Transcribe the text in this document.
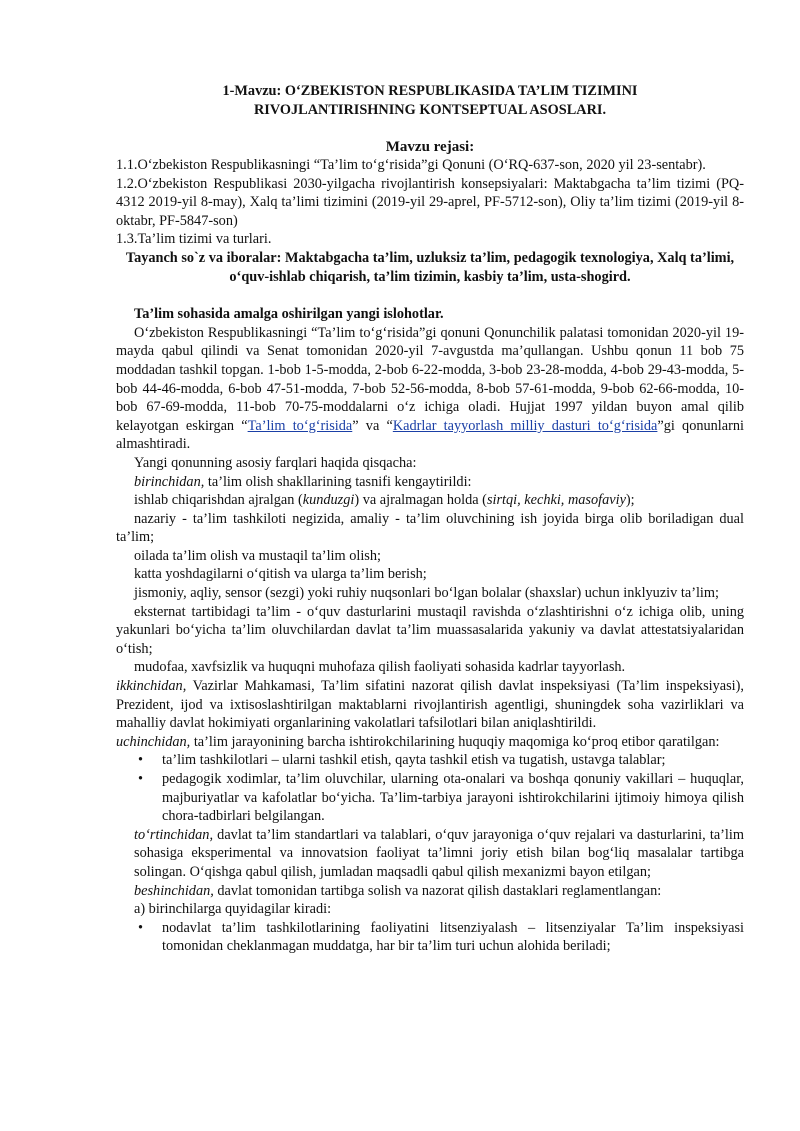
1-Mavzu: O‘ZBEKISTON RESPUBLIKASIDA TA’LIM TIZIMINI
RIVOJLANTIRISHNING KONTSEPTUAL ASOSLARI.
Mavzu rejasi:

1.1.O‘zbekiston Respublikasningi “Ta’lim to‘g‘risida”gi Qonuni (O‘RQ-637-son, 2020 yil 23-sentabr).

1.2.O‘zbekiston Respublikasi 2030-yilgacha rivojlantirish konsepsiyalari: Maktabgacha ta’lim tizimi (PQ-4312 2019-yil 8-may), Xalq ta’limi tizimini (2019-yil 29-aprel, PF-5712-son), Oliy ta’lim tizimi (2019-yil 8-oktabr, PF-5847-son)

1.3.Ta’lim tizimi va turlari.

Tayanch so`z va iboralar: Maktabgacha ta’lim, uzluksiz ta’lim, pedagogik texnologiya, Xalq ta’limi, o‘quv-ishlab chiqarish, ta’lim tizimin, kasbiy ta’lim, usta-shogird.

Ta’lim sohasida amalga oshirilgan yangi islohotlar.

O‘zbekiston Respublikasningi “Ta’lim to‘g‘risida”gi qonuni Qonunchilik palatasi tomonidan 2020-yil 19-mayda qabul qilindi va Senat tomonidan 2020-yil 7-avgustda ma’qullangan. Ushbu qonun 11 bob 75 moddadan tashkil topgan. 1-bob 1-5-modda, 2-bob 6-22-modda, 3-bob 23-28-modda, 4-bob 29-43-modda, 5-bob 44-46-modda, 6-bob 47-51-modda, 7-bob 52-56-modda, 8-bob 57-61-modda, 9-bob 62-66-modda, 10-bob 67-69-modda, 11-bob 70-75-moddalarni o‘z ichiga oladi. Hujjat 1997 yildan buyon amal qilib kelayotgan eskirgan “Ta’lim to‘g‘risida” va “Kadrlar tayyorlash milliy dasturi to‘g‘risida”gi qonunlarni almashtiradi.

Yangi qonunning asosiy farqlari haqida qisqacha:

birinchidan, ta’lim olish shakllarining tasnifi kengaytirildi:

ishlab chiqarishdan ajralgan (kunduzgi) va ajralmagan holda (sirtqi, kechki, masofaviy);

nazariy - ta’lim tashkiloti negizida, amaliy - ta’lim oluvchining ish joyida birga olib boriladigan dual ta’lim;

oilada ta’lim olish va mustaqil ta’lim olish;

katta yoshdagilarni o‘qitish va ularga ta’lim berish;

jismoniy, aqliy, sensor (sezgi) yoki ruhiy nuqsonlari bo‘lgan bolalar (shaxslar) uchun inklyuziv ta’lim;

eksternat tartibidagi ta’lim - o‘quv dasturlarini mustaqil ravishda o‘zlashtirishni o‘z ichiga olib, uning yakunlari bo‘yicha ta’lim oluvchilardan davlat ta’lim muassasalarida yakuniy va davlat attestatsiyalaridan o‘tish;

mudofaa, xavfsizlik va huquqni muhofaza qilish faoliyati sohasida kadrlar tayyorlash.

ikkinchidan, Vazirlar Mahkamasi, Ta’lim sifatini nazorat qilish davlat inspeksiyasi (Ta’lim inspeksiyasi), Prezident, ijod va ixtisoslashtirilgan maktablarni rivojlantirish agentligi, shuningdek soha vazirliklari va mahalliy davlat hokimiyati organlarining vakolatlari tafsilotlari bilan aniqlashtirildi.

uchinchidan, ta’lim jarayonining barcha ishtirokchilarining huquqiy maqomiga ko‘proq etibor qaratilgan:

• ta’lim tashkilotlari – ularni tashkil etish, qayta tashkil etish va tugatish, ustavga talablar;
• pedagogik xodimlar, ta’lim oluvchilar, ularning ota-onalari va boshqa qonuniy vakillari – huquqlar, majburiyatlar va kafolatlar bo‘yicha. Ta’lim-tarbiya jarayoni ishtirokchilarini ijtimoiy himoya qilish chora-tadbirlari belgilangan.

to‘rtinchidan, davlat ta’lim standartlari va talablari, o‘quv jarayoniga o‘quv rejalari va dasturlarini, ta’lim sohasiga eksperimental va innovatsion faoliyat ta’limni joriy etish bilan bog‘liq masalalar tartibga solingan. O‘qishga qabul qilish, jumladan maqsadli qabul qilish mexanizmi bayon etilgan;

beshinchidan, davlat tomonidan tartibga solish va nazorat qilish dastaklari reglamentlangan:

a) birinchilarga quyidagilar kiradi:

• nodavlat ta’lim tashkilotlarining faoliyatini litsenziyalash – litsenziyalar Ta’lim inspeksiyasi tomonidan cheklanmagan muddatga, har bir ta’lim turi uchun alohida beriladi;
